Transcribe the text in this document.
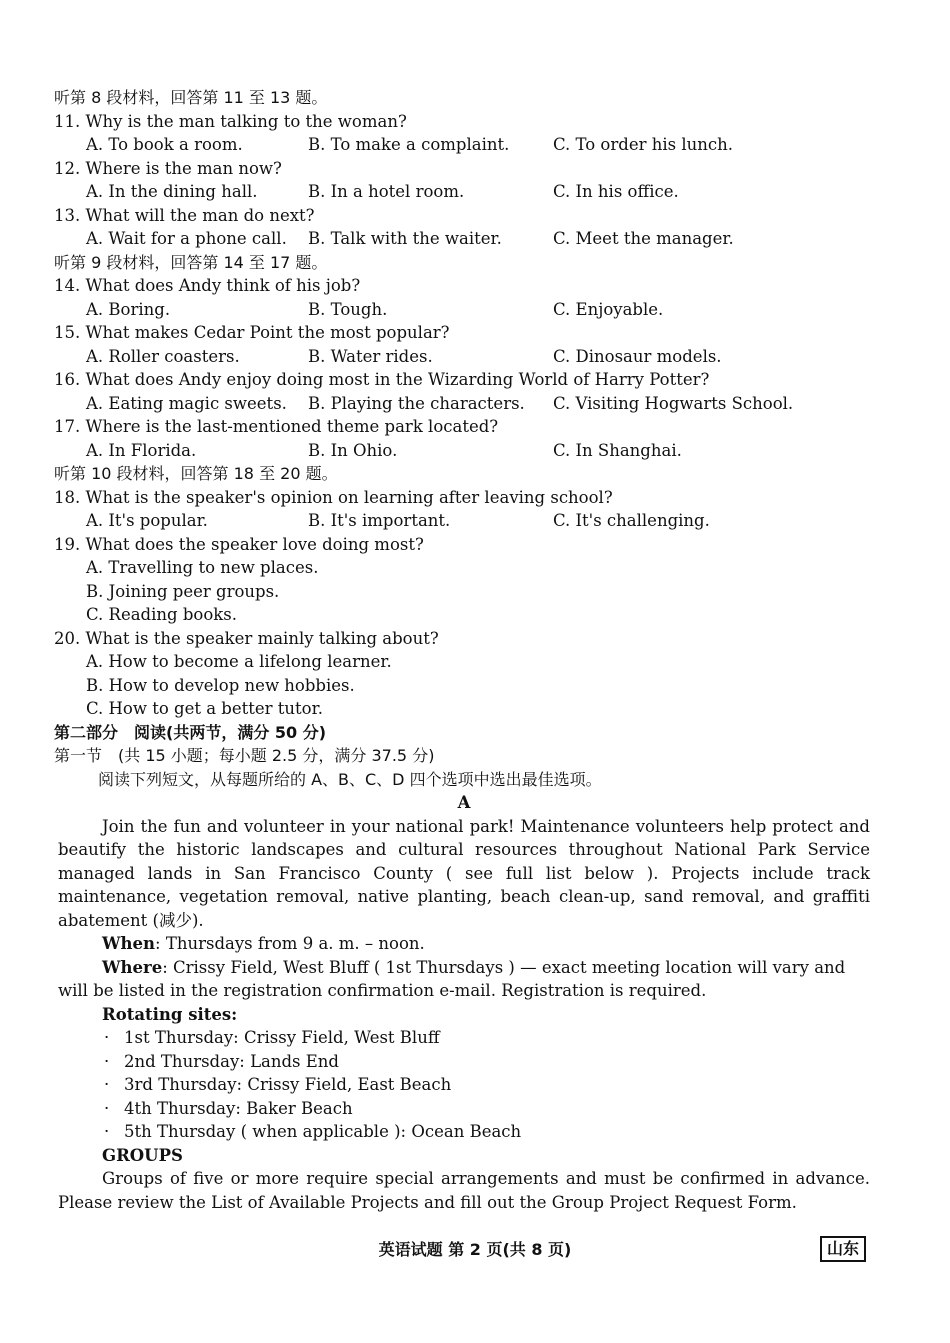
听第 8 段材料，回答第 11 至 13 题。
11. Why is the man talking to the woman?
A. To book a room.	B. To make a complaint.	C. To order his lunch.
12. Where is the man now?
A. In the dining hall.	B. In a hotel room.	C. In his office.
13. What will the man do next?
A. Wait for a phone call.	B. Talk with the waiter.	C. Meet the manager.
听第 9 段材料，回答第 14 至 17 题。
14. What does Andy think of his job?
A. Boring.	B. Tough.	C. Enjoyable.
15. What makes Cedar Point the most popular?
A. Roller coasters.	B. Water rides.	C. Dinosaur models.
16. What does Andy enjoy doing most in the Wizarding World of Harry Potter?
A. Eating magic sweets.	B. Playing the characters.	C. Visiting Hogwarts School.
17. Where is the last-mentioned theme park located?
A. In Florida.	B. In Ohio.	C. In Shanghai.
听第 10 段材料，回答第 18 至 20 题。
18. What is the speaker's opinion on learning after leaving school?
A. It's popular.	B. It's important.	C. It's challenging.
19. What does the speaker love doing most?
A. Travelling to new places.
B. Joining peer groups.
C. Reading books.
20. What is the speaker mainly talking about?
A. How to become a lifelong learner.
B. How to develop new hobbies.
C. How to get a better tutor.
第二部分　阅读(共两节，满分 50 分)
第一节　(共 15 小题；每小题 2.5 分，满分 37.5 分)
阅读下列短文，从每题所给的 A、B、C、D 四个选项中选出最佳选项。
A

Join the fun and volunteer in your national park! Maintenance volunteers help protect and beautify the historic landscapes and cultural resources throughout National Park Service managed lands in San Francisco County ( see full list below ). Projects include track maintenance, vegetation removal, native planting, beach clean-up, sand removal, and graffiti abatement (减少).

When: Thursdays from 9 a. m. – noon.
Where: Crissy Field, West Bluff ( 1st Thursdays ) — exact meeting location will vary and
will be listed in the registration confirmation e-mail. Registration is required.
Rotating sites:
· 1st Thursday: Crissy Field, West Bluff
· 2nd Thursday: Lands End
· 3rd Thursday: Crissy Field, East Beach
· 4th Thursday: Baker Beach
· 5th Thursday ( when applicable ): Ocean Beach
GROUPS

Groups of five or more require special arrangements and must be confirmed in advance. Please review the List of Available Projects and fill out the Group Project Request Form.

英语试题 第 2 页(共 8 页)	山东
